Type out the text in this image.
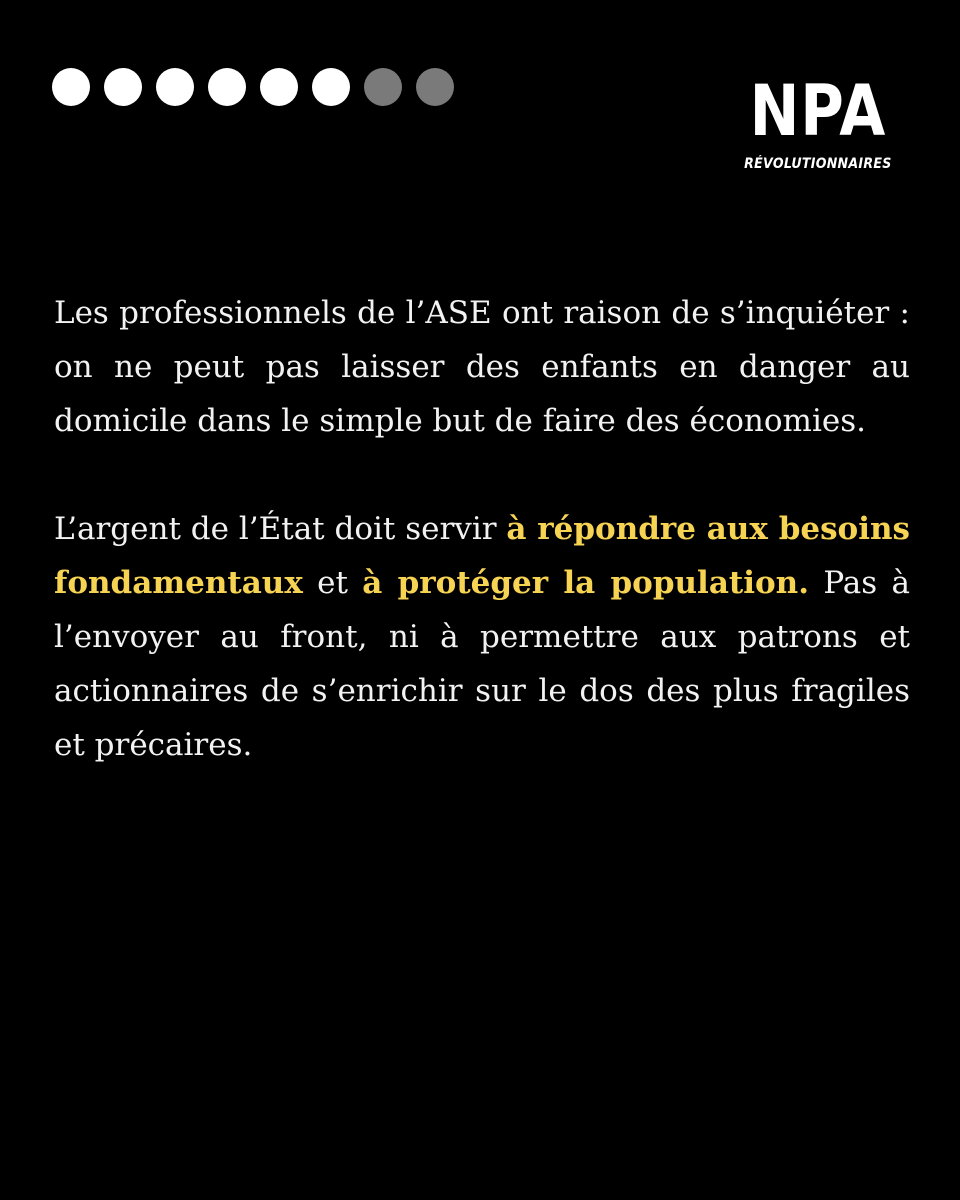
NPA
RÉVOLUTIONNAIRES

Les professionnels de l’ASE ont raison de s’inquiéter : on ne peut pas laisser des enfants en danger au domicile dans le simple but de faire des économies.

L’argent de l’État doit servir à répondre aux besoins fondamentaux et à protéger la population. Pas à l’envoyer au front, ni à permettre aux patrons et actionnaires de s’enrichir sur le dos des plus fragiles et précaires.
